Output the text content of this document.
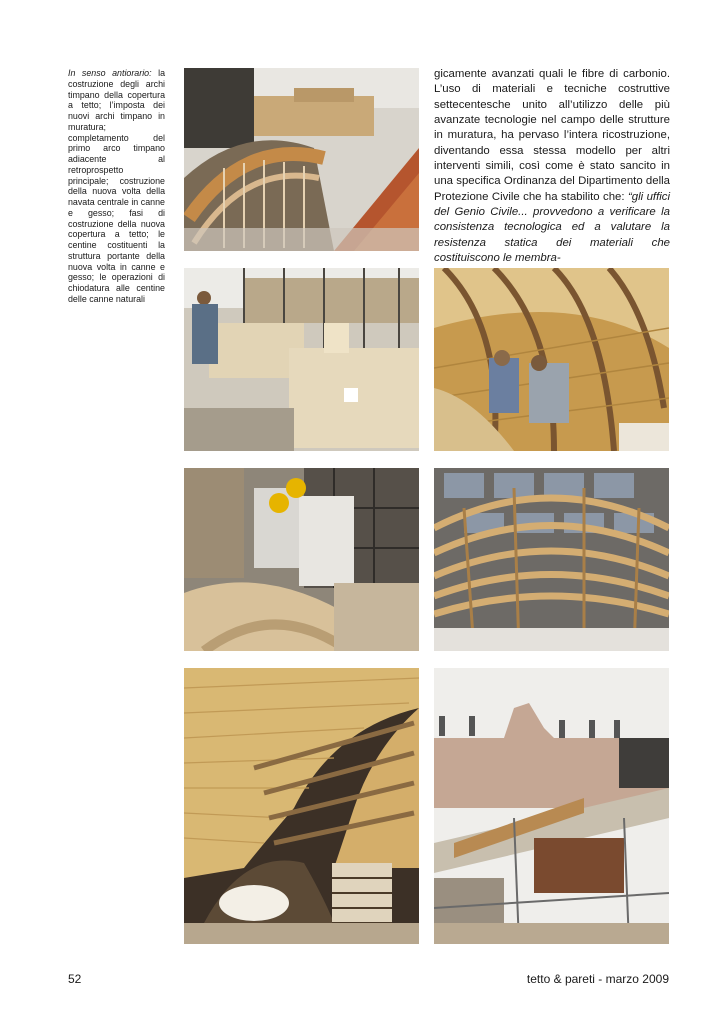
In senso antiorario: la costruzione degli archi timpano della copertura a tetto; l’imposta dei nuovi archi timpano in muratura; completamento del primo arco timpano adiacente al retroprospetto principale; costruzione della nuova volta della navata centrale in canne e gesso; fasi di costruzione della nuova copertura a tetto; le centine costituenti la struttura portante della nuova volta in canne e gesso; le operazioni di chiodatura alle centine delle canne naturali
gicamente avanzati quali le fibre di carbonio. L’uso di materiali e tecniche costruttive settecentesche unito all’utilizzo delle più avanzate tecnologie nel campo delle strutture in muratura, ha pervaso l’intera ricostruzione, diventando essa stessa modello per altri interventi simili, così come è stato sancito in una specifica Ordinanza del Dipartimento della Protezione Civile che ha stabilito che: “gli uffici del Genio Civile... provvedono a verificare la consistenza tecnologica ed a valutare la resistenza statica dei materiali che costituiscono le membra-
52	tetto & pareti - marzo 2009
